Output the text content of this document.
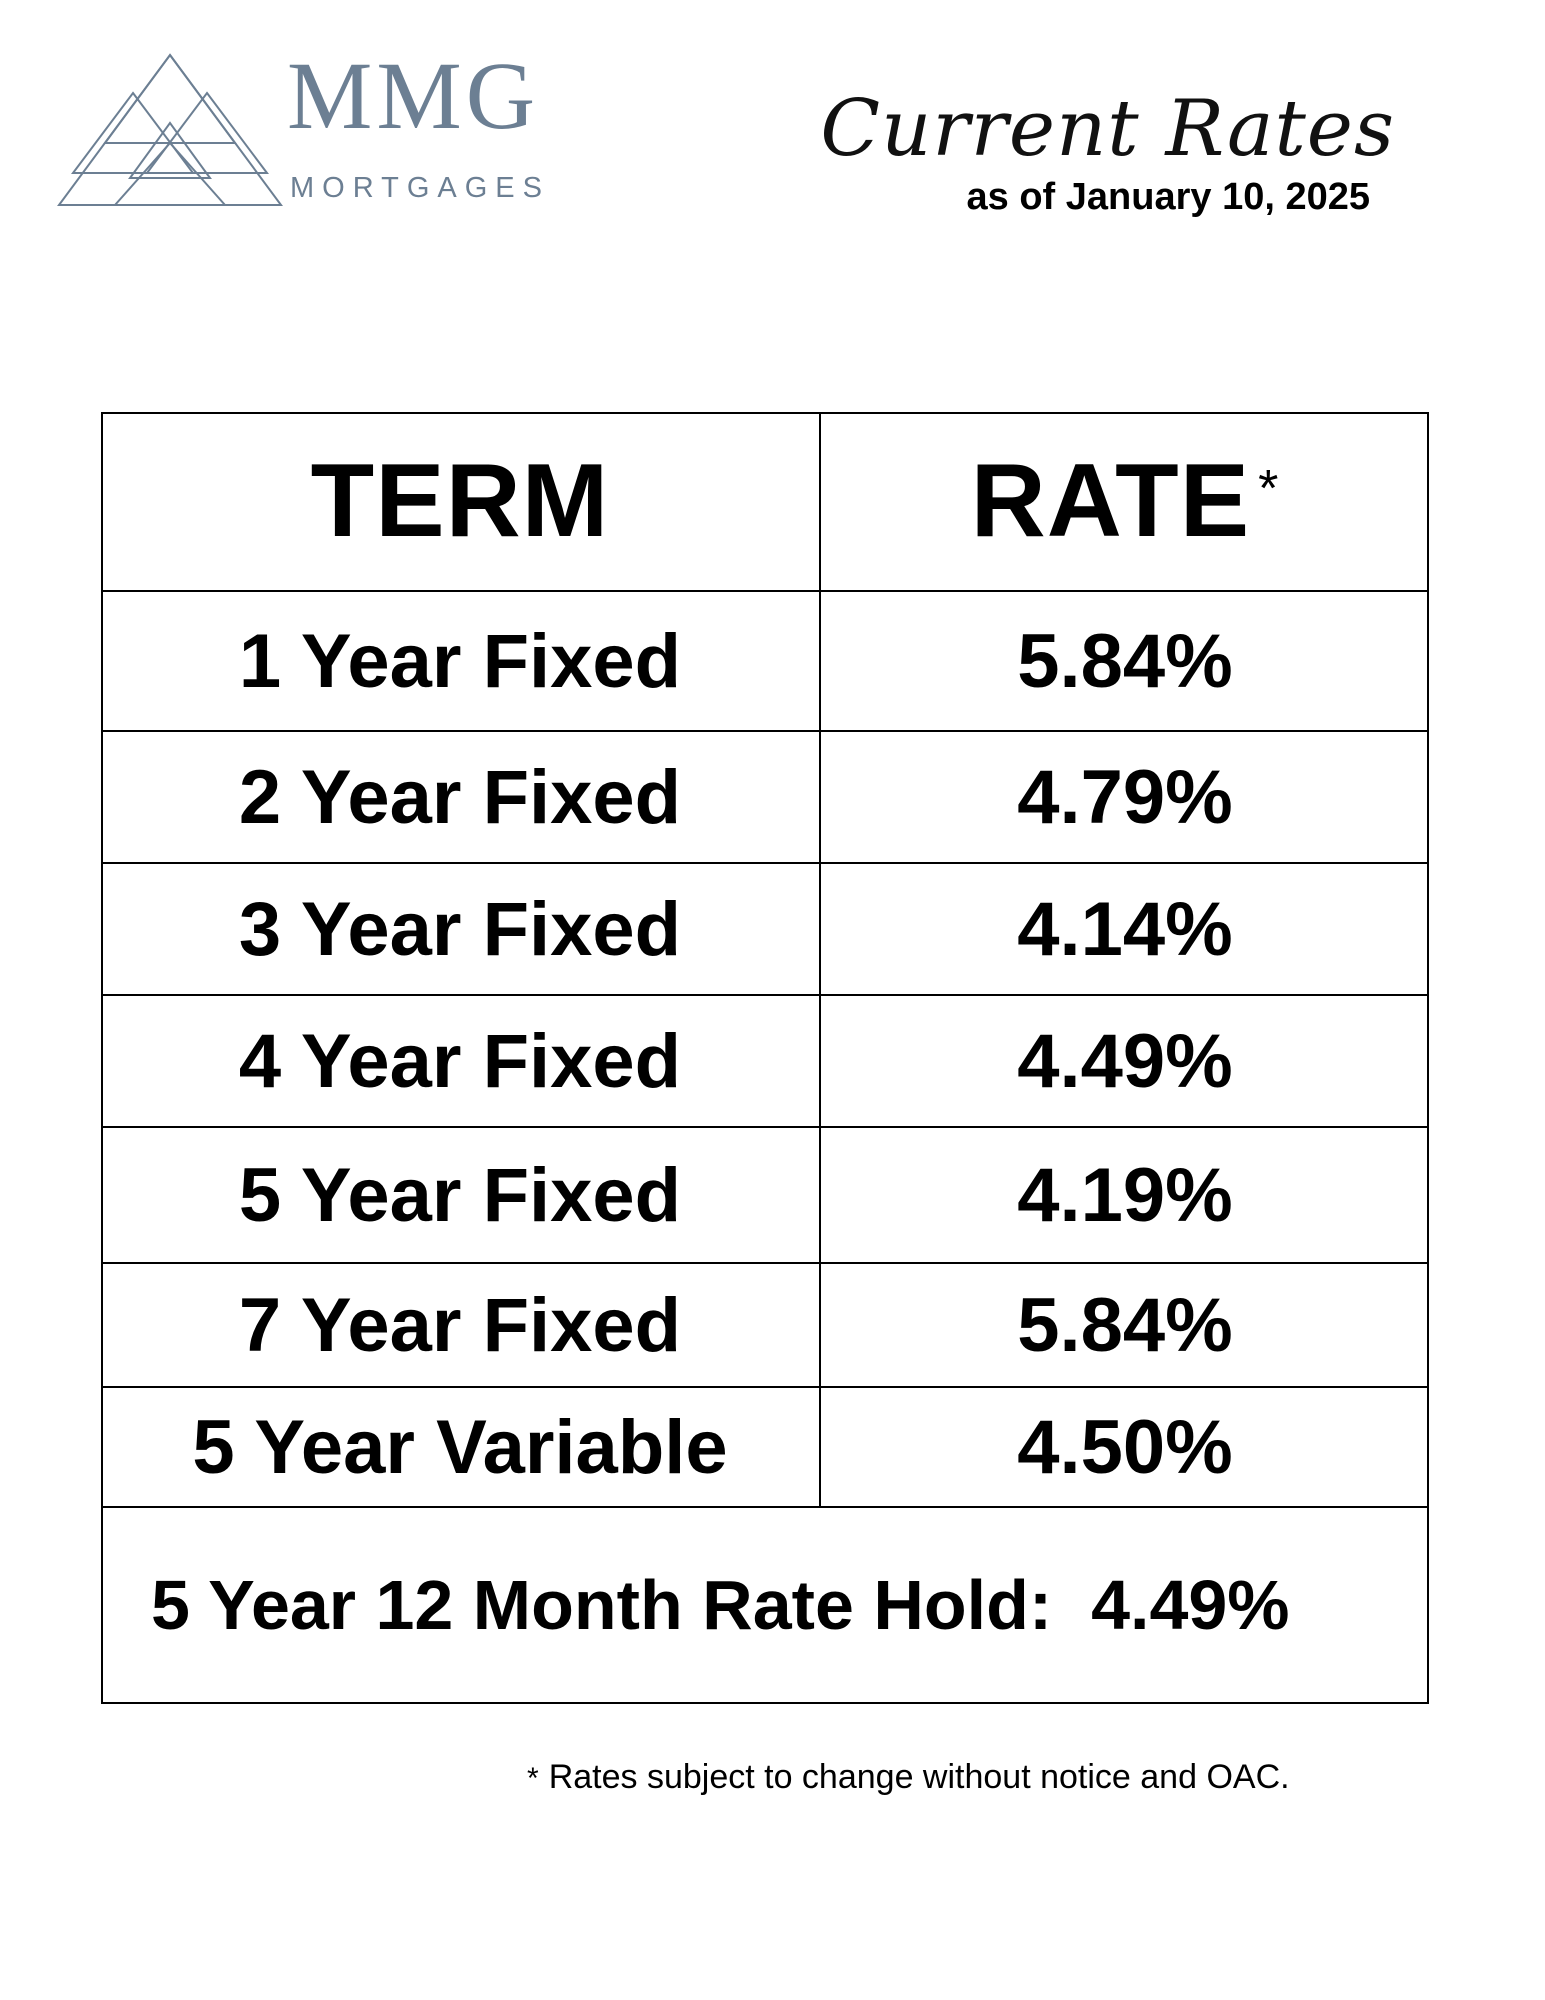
MMG
MORTGAGES
Current Rates
as of January 10, 2025
TERM	RATE*
1 Year Fixed	5.84%
2 Year Fixed	4.79%
3 Year Fixed	4.14%
4 Year Fixed	4.49%
5 Year Fixed	4.19%
7 Year Fixed	5.84%
5 Year Variable	4.50%
5 Year 12 Month Rate Hold:
4.49%
* Rates subject to change without notice and OAC.
